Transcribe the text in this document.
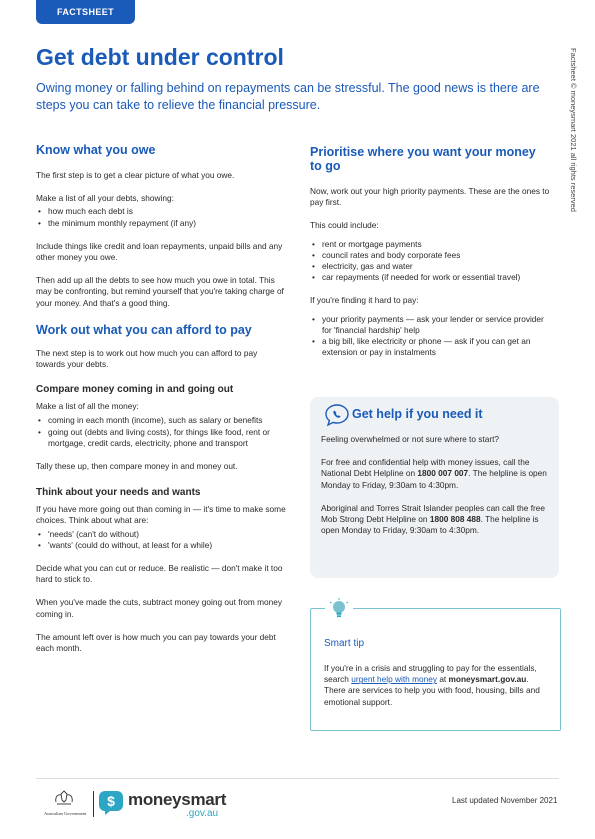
FACTSHEET
Factsheet © moneysmart 2021 all rights reserved
Get debt under control

Owing money or falling behind on repayments can be stressful. The good news is there are steps you can take to relieve the financial pressure.

Know what you owe

The first step is to get a clear picture of what you owe.

Make a list of all your debts, showing:

• how much each debt is
• the minimum monthly repayment (if any)

Include things like credit and loan repayments, unpaid bills and any other money you owe.

Then add up all the debts to see how much you owe in total. This may be confronting, but remind yourself that you're taking charge of your money. And that's a good thing.

Work out what you can afford to pay

The next step is to work out how much you can afford to pay towards your debts.

Compare money coming in and going out

Make a list of all the money:

• coming in each month (income), such as salary or benefits
• going out (debts and living costs), for things like food, rent or mortgage, credit cards, electricity, phone and transport

Tally these up, then compare money in and money out.

Think about your needs and wants

If you have more going out than coming in — it's time to make some choices. Think about what are:

• 'needs' (can't do without)
• 'wants' (could do without, at least for a while)

Decide what you can cut or reduce. Be realistic — don't make it too hard to stick to.

When you've made the cuts, subtract money going out from money coming in.

The amount left over is how much you can pay towards your debt each month.

Prioritise where you want your money to go

Now, work out your high priority payments. These are the ones to pay first.

This could include:

• rent or mortgage payments
• council rates and body corporate fees
• electricity, gas and water
• car repayments (if needed for work or essential travel)

If you're finding it hard to pay:

• your priority payments — ask your lender or service provider for 'financial hardship' help
• a big bill, like electricity or phone — ask if you can get an extension or pay in instalments
Get help if you need it

Feeling overwhelmed or not sure where to start?

For free and confidential help with money issues, call the National Debt Helpline on 1800 007 007. The helpline is open Monday to Friday, 9:30am to 4:30pm.

Aboriginal and Torres Strait Islander peoples can call the free Mob Strong Debt Helpline on 1800 808 488. The helpline is open Monday to Friday, 9:30am to 4:30pm.

Smart tip

If you're in a crisis and struggling to pay for the essentials, search urgent help with money at moneysmart.gov.au. There are services to help you with food, housing, bills and emotional support.

Australian Government
$ moneysmart
.gov.au
Last updated November 2021
